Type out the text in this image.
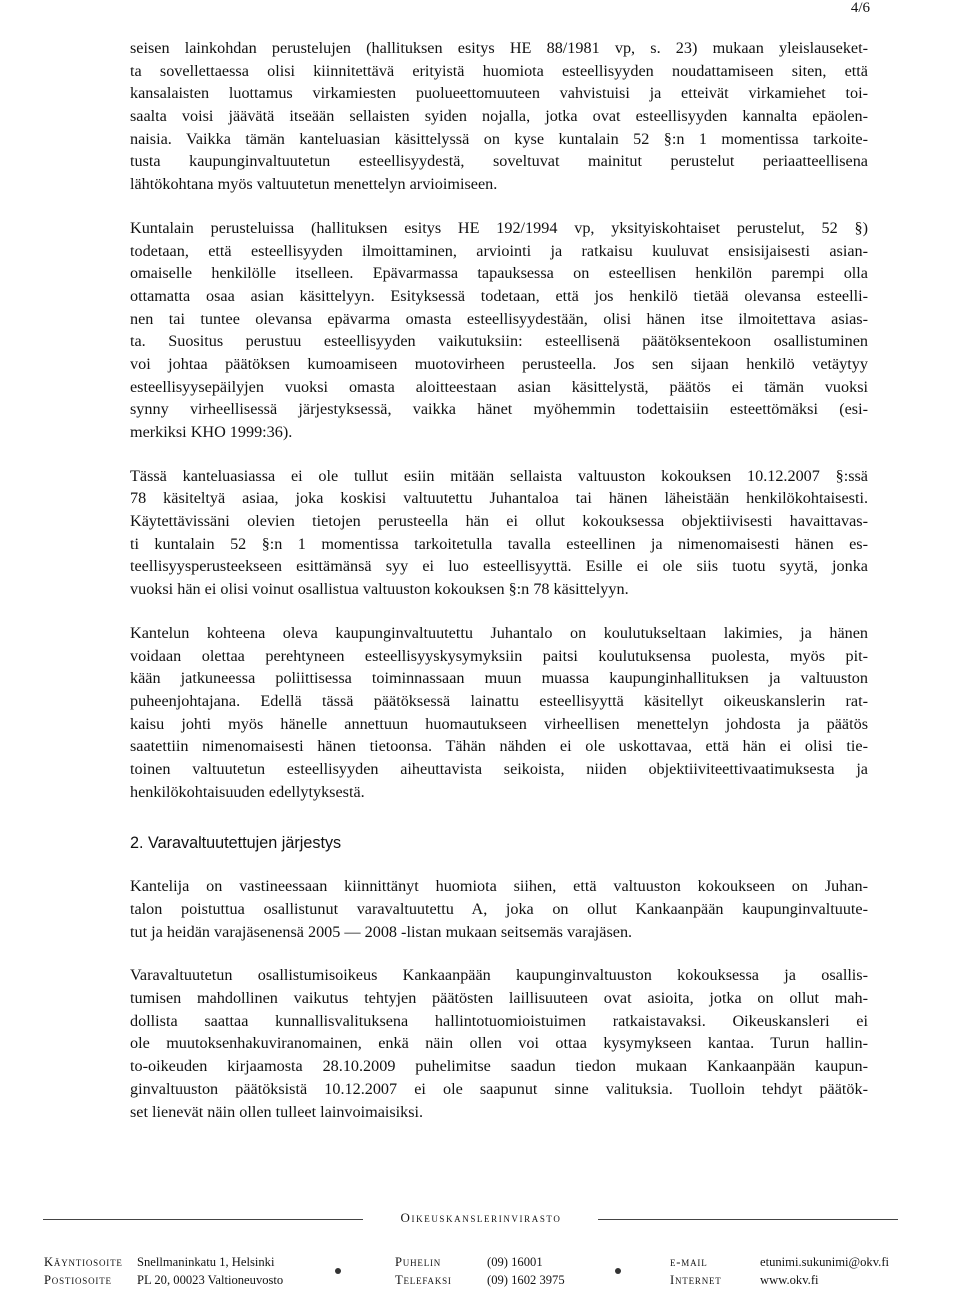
4/6
seisen lainkohdan perustelujen (hallituksen esitys HE 88/1981 vp, s. 23) mukaan yleislauseket-
ta sovellettaessa olisi kiinnitettävä erityistä huomiota esteellisyyden noudattamiseen siten, että
kansalaisten luottamus virkamiesten puolueettomuuteen vahvistuisi ja etteivät virkamiehet toi-
saalta voisi jäävätä itseään sellaisten syiden nojalla, jotka ovat esteellisyyden kannalta epäolen-
naisia. Vaikka tämän kanteluasian käsittelyssä on kyse kuntalain 52 §:n 1 momentissa tarkoite-
tusta kaupunginvaltuutetun esteellisyydestä, soveltuvat mainitut perustelut periaatteellisena
lähtökohtana myös valtuutetun menettelyn arvioimiseen.
Kuntalain perusteluissa (hallituksen esitys HE 192/1994 vp, yksityiskohtaiset perustelut, 52 §)
todetaan, että esteellisyyden ilmoittaminen, arviointi ja ratkaisu kuuluvat ensisijaisesti asian-
omaiselle henkilölle itselleen. Epävarmassa tapauksessa on esteellisen henkilön parempi olla
ottamatta osaa asian käsittelyyn. Esityksessä todetaan, että jos henkilö tietää olevansa esteelli-
nen tai tuntee olevansa epävarma omasta esteellisyydestään, olisi hänen itse ilmoitettava asias-
ta. Suositus perustuu esteellisyyden vaikutuksiin: esteellisenä päätöksentekoon osallistuminen
voi johtaa päätöksen kumoamiseen muotovirheen perusteella. Jos sen sijaan henkilö vetäytyy
esteellisyysepäilyjen vuoksi omasta aloitteestaan asian käsittelystä, päätös ei tämän vuoksi
synny virheellisessä järjestyksessä, vaikka hänet myöhemmin todettaisiin esteettömäksi (esi-
merkiksi KHO 1999:36).
Tässä kanteluasiassa ei ole tullut esiin mitään sellaista valtuuston kokouksen 10.12.2007 §:ssä
78 käsiteltyä asiaa, joka koskisi valtuutettu Juhantaloa tai hänen läheistään henkilökohtaisesti.
Käytettävissäni olevien tietojen perusteella hän ei ollut kokouksessa objektiivisesti havaittavas-
ti kuntalain 52 §:n 1 momentissa tarkoitetulla tavalla esteellinen ja nimenomaisesti hänen es-
teellisyysperusteekseen esittämänsä syy ei luo esteellisyyttä. Esille ei ole siis tuotu syytä, jonka
vuoksi hän ei olisi voinut osallistua valtuuston kokouksen §:n 78 käsittelyyn.
Kantelun kohteena oleva kaupunginvaltuutettu Juhantalo on koulutukseltaan lakimies, ja hänen
voidaan olettaa perehtyneen esteellisyyskysymyksiin paitsi koulutuksensa puolesta, myös pit-
kään jatkuneessa poliittisessa toiminnassaan muun muassa kaupunginhallituksen ja valtuuston
puheenjohtajana. Edellä tässä päätöksessä lainattu esteellisyyttä käsitellyt oikeuskanslerin rat-
kaisu johti myös hänelle annettuun huomautukseen virheellisen menettelyn johdosta ja päätös
saatettiin nimenomaisesti hänen tietoonsa. Tähän nähden ei ole uskottavaa, että hän ei olisi tie-
toinen valtuutetun esteellisyyden aiheuttavista seikoista, niiden objektiiviteettivaatimuksesta ja
henkilökohtaisuuden edellytyksestä.
2. Varavaltuutettujen järjestys
Kantelija on vastineessaan kiinnittänyt huomiota siihen, että valtuuston kokoukseen on Juhan-
talon poistuttua osallistunut varavaltuutettu A, joka on ollut Kankaanpään kaupunginvaltuute-
tut ja heidän varajäsenensä 2005 — 2008 -listan mukaan seitsemäs varajäsen.
Varavaltuutetun osallistumisoikeus Kankaanpään kaupunginvaltuuston kokouksessa ja osallis-
tumisen mahdollinen vaikutus tehtyjen päätösten laillisuuteen ovat asioita, jotka on ollut mah-
dollista saattaa kunnallisvalituksena hallintotuomioistuimen ratkaistavaksi. Oikeuskansleri ei
ole muutoksenhakuviranomainen, enkä näin ollen voi ottaa kysymykseen kantaa. Turun hallin-
to-oikeuden kirjaamosta 28.10.2009 puhelimitse saadun tiedon mukaan Kankaanpään kaupun-
ginvaltuuston päätöksistä 10.12.2007 ei ole saapunut sinne valituksia. Tuolloin tehdyt päätök-
set lienevät näin ollen tulleet lainvoimaisiksi.
Oikeuskanslerinvirasto
Käyntiosoite Snellmaninkatu 1, Helsinki
Postiosoite PL 20, 00023 Valtioneuvosto
Puhelin	(09) 16001
Telefaksi	(09) 1602 3975
e-mail	etunimi.sukunimi@okv.fi
Internet	www.okv.fi
